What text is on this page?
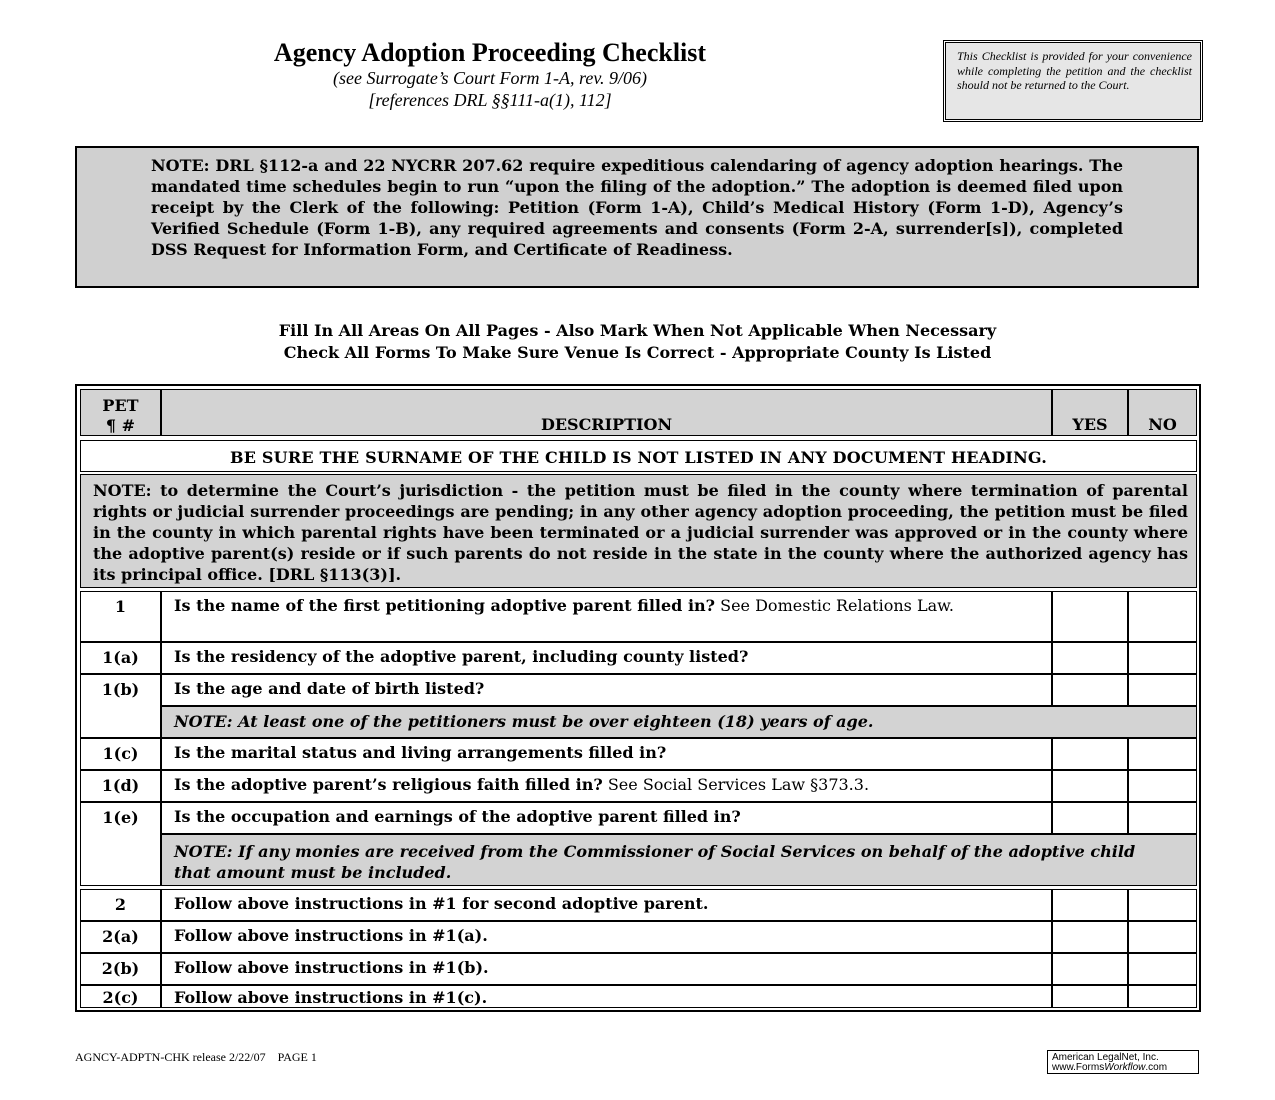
Agency Adoption Proceeding Checklist
(see Surrogate’s Court Form 1-A, rev. 9/06)
[references DRL §§111-a(1), 112]
This Checklist is provided for your convenience while completing the petition and the checklist should not be returned to the Court.
NOTE: DRL §112-a and 22 NYCRR 207.62 require expeditious calendaring of agency adoption hearings. The mandated time schedules begin to run “upon the filing of the adoption.” The adoption is deemed filed upon receipt by the Clerk of the following: Petition (Form 1-A), Child’s Medical History (Form 1-D), Agency’s Verified Schedule (Form 1-B), any required agreements and consents (Form 2-A, surrender[s]), completed DSS Request for Information Form, and Certificate of Readiness.
Fill In All Areas On All Pages - Also Mark When Not Applicable When Necessary
Check All Forms To Make Sure Venue Is Correct - Appropriate County Is Listed
PET
¶ #	DESCRIPTION	YES	NO
BE SURE THE SURNAME OF THE CHILD IS NOT LISTED IN ANY DOCUMENT HEADING.
NOTE: to determine the Court’s jurisdiction - the petition must be filed in the county where termination of parental rights or judicial surrender proceedings are pending; in any other agency adoption proceeding, the petition must be filed in the county in which parental rights have been terminated or a judicial surrender was approved or in the county where the adoptive parent(s) reside or if such parents do not reside in the state in the county where the authorized agency has its principal office. [DRL §113(3)].
1	Is the name of the first petitioning adoptive parent filled in? See Domestic Relations Law.
1(a)	Is the residency of the adoptive parent, including county listed?
1(b)	Is the age and date of birth listed?
NOTE: At least one of the petitioners must be over eighteen (18) years of age.
1(c)	Is the marital status and living arrangements filled in?
1(d)	Is the adoptive parent’s religious faith filled in? See Social Services Law §373.3.
1(e)	Is the occupation and earnings of the adoptive parent filled in?
NOTE: If any monies are received from the Commissioner of Social Services on behalf of the adoptive child that amount must be included.
2	Follow above instructions in #1 for second adoptive parent.
2(a)	Follow above instructions in #1(a).
2(b)	Follow above instructions in #1(b).
2(c)	Follow above instructions in #1(c).
AGNCY-ADPTN-CHK release 2/22/07    PAGE 1	American LegalNet, Inc.
www.FormsWorkflow.com
